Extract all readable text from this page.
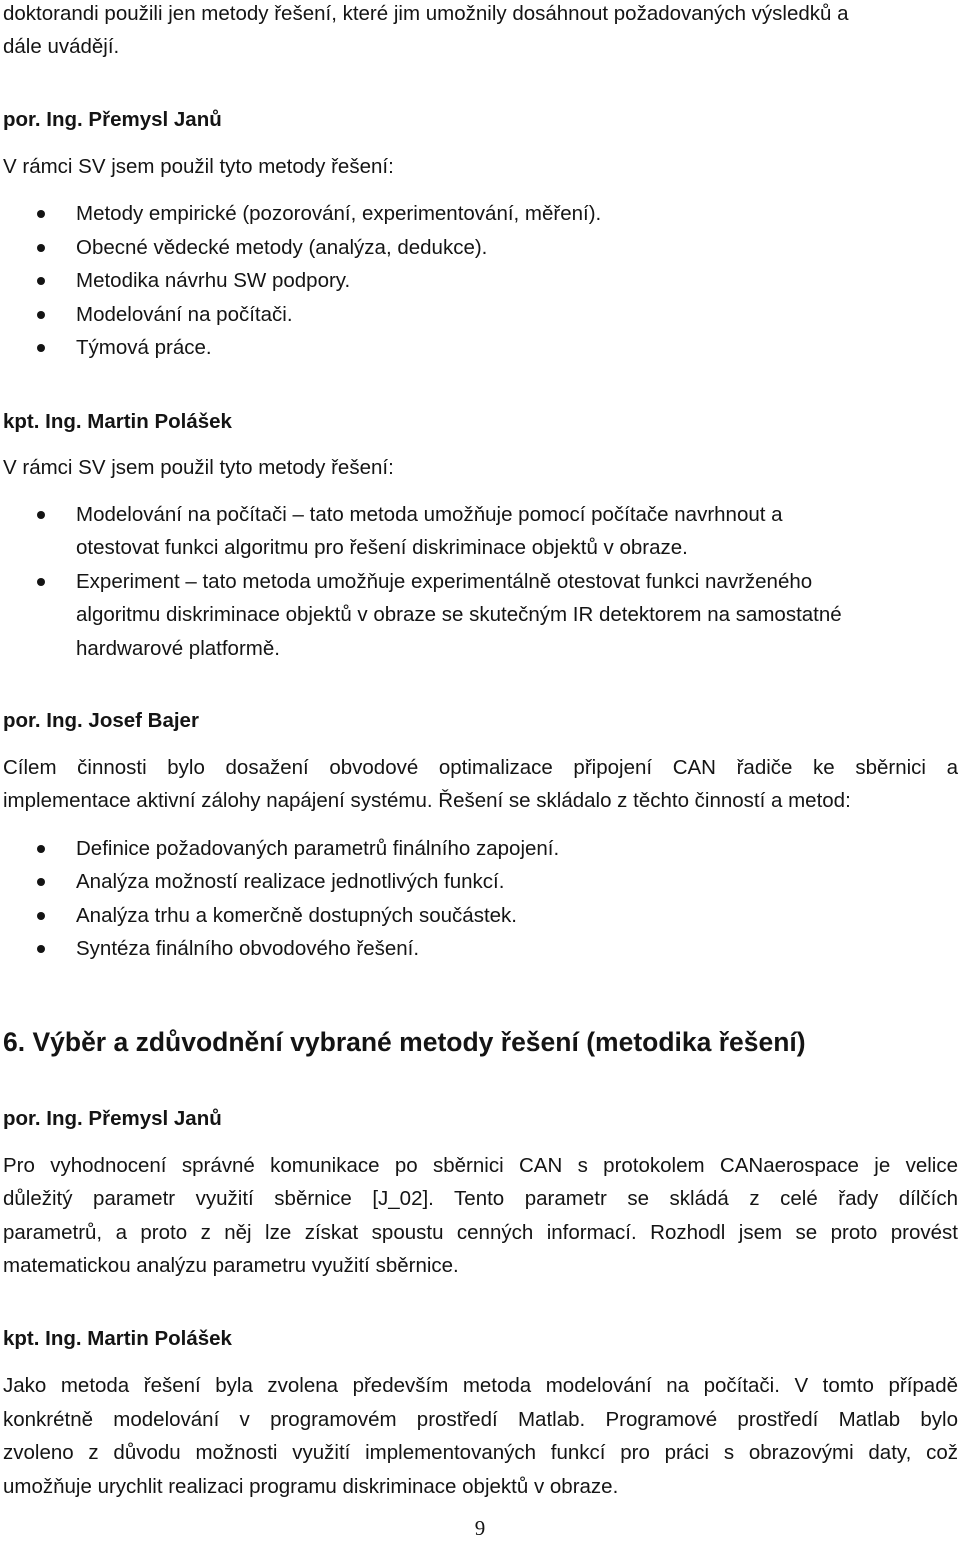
doktorandi použili jen metody řešení, které jim umožnily dosáhnout požadovaných výsledků a
dále uvádějí.
por. Ing. Přemysl Janů
V rámci SV jsem použil tyto metody řešení:
Metody empirické (pozorování, experimentování, měření).
Obecné vědecké metody (analýza, dedukce).
Metodika návrhu SW podpory.
Modelování na počítači.
Týmová práce.
kpt. Ing. Martin Polášek
V rámci SV jsem použil tyto metody řešení:
Modelování na počítači – tato metoda umožňuje pomocí počítače navrhnout a
otestovat funkci algoritmu pro řešení diskriminace objektů v obraze.
Experiment – tato metoda umožňuje experimentálně otestovat funkci navrženého
algoritmu diskriminace objektů v obraze se skutečným IR detektorem na samostatné
hardwarové platformě.
por. Ing. Josef Bajer
Cílem činnosti bylo dosažení obvodové optimalizace připojení CAN řadiče ke sběrnici a
implementace aktivní zálohy napájení systému. Řešení se skládalo z těchto činností a metod:
Definice požadovaných parametrů finálního zapojení.
Analýza možností realizace jednotlivých funkcí.
Analýza trhu a komerčně dostupných součástek.
Syntéza finálního obvodového řešení.
6. Výběr a zdůvodnění vybrané metody řešení (metodika řešení)
por. Ing. Přemysl Janů
Pro vyhodnocení správné komunikace po sběrnici CAN s protokolem CANaerospace je velice
důležitý parametr využití sběrnice [J_02]. Tento parametr se skládá z celé řady dílčích
parametrů, a proto z něj lze získat spoustu cenných informací. Rozhodl jsem se proto provést
matematickou analýzu parametru využití sběrnice.
kpt. Ing. Martin Polášek
Jako metoda řešení byla zvolena především metoda modelování na počítači. V tomto případě
konkrétně modelování v programovém prostředí Matlab. Programové prostředí Matlab bylo
zvoleno z důvodu možnosti využití implementovaných funkcí pro práci s obrazovými daty, což
umožňuje urychlit realizaci programu diskriminace objektů v obraze.
9
